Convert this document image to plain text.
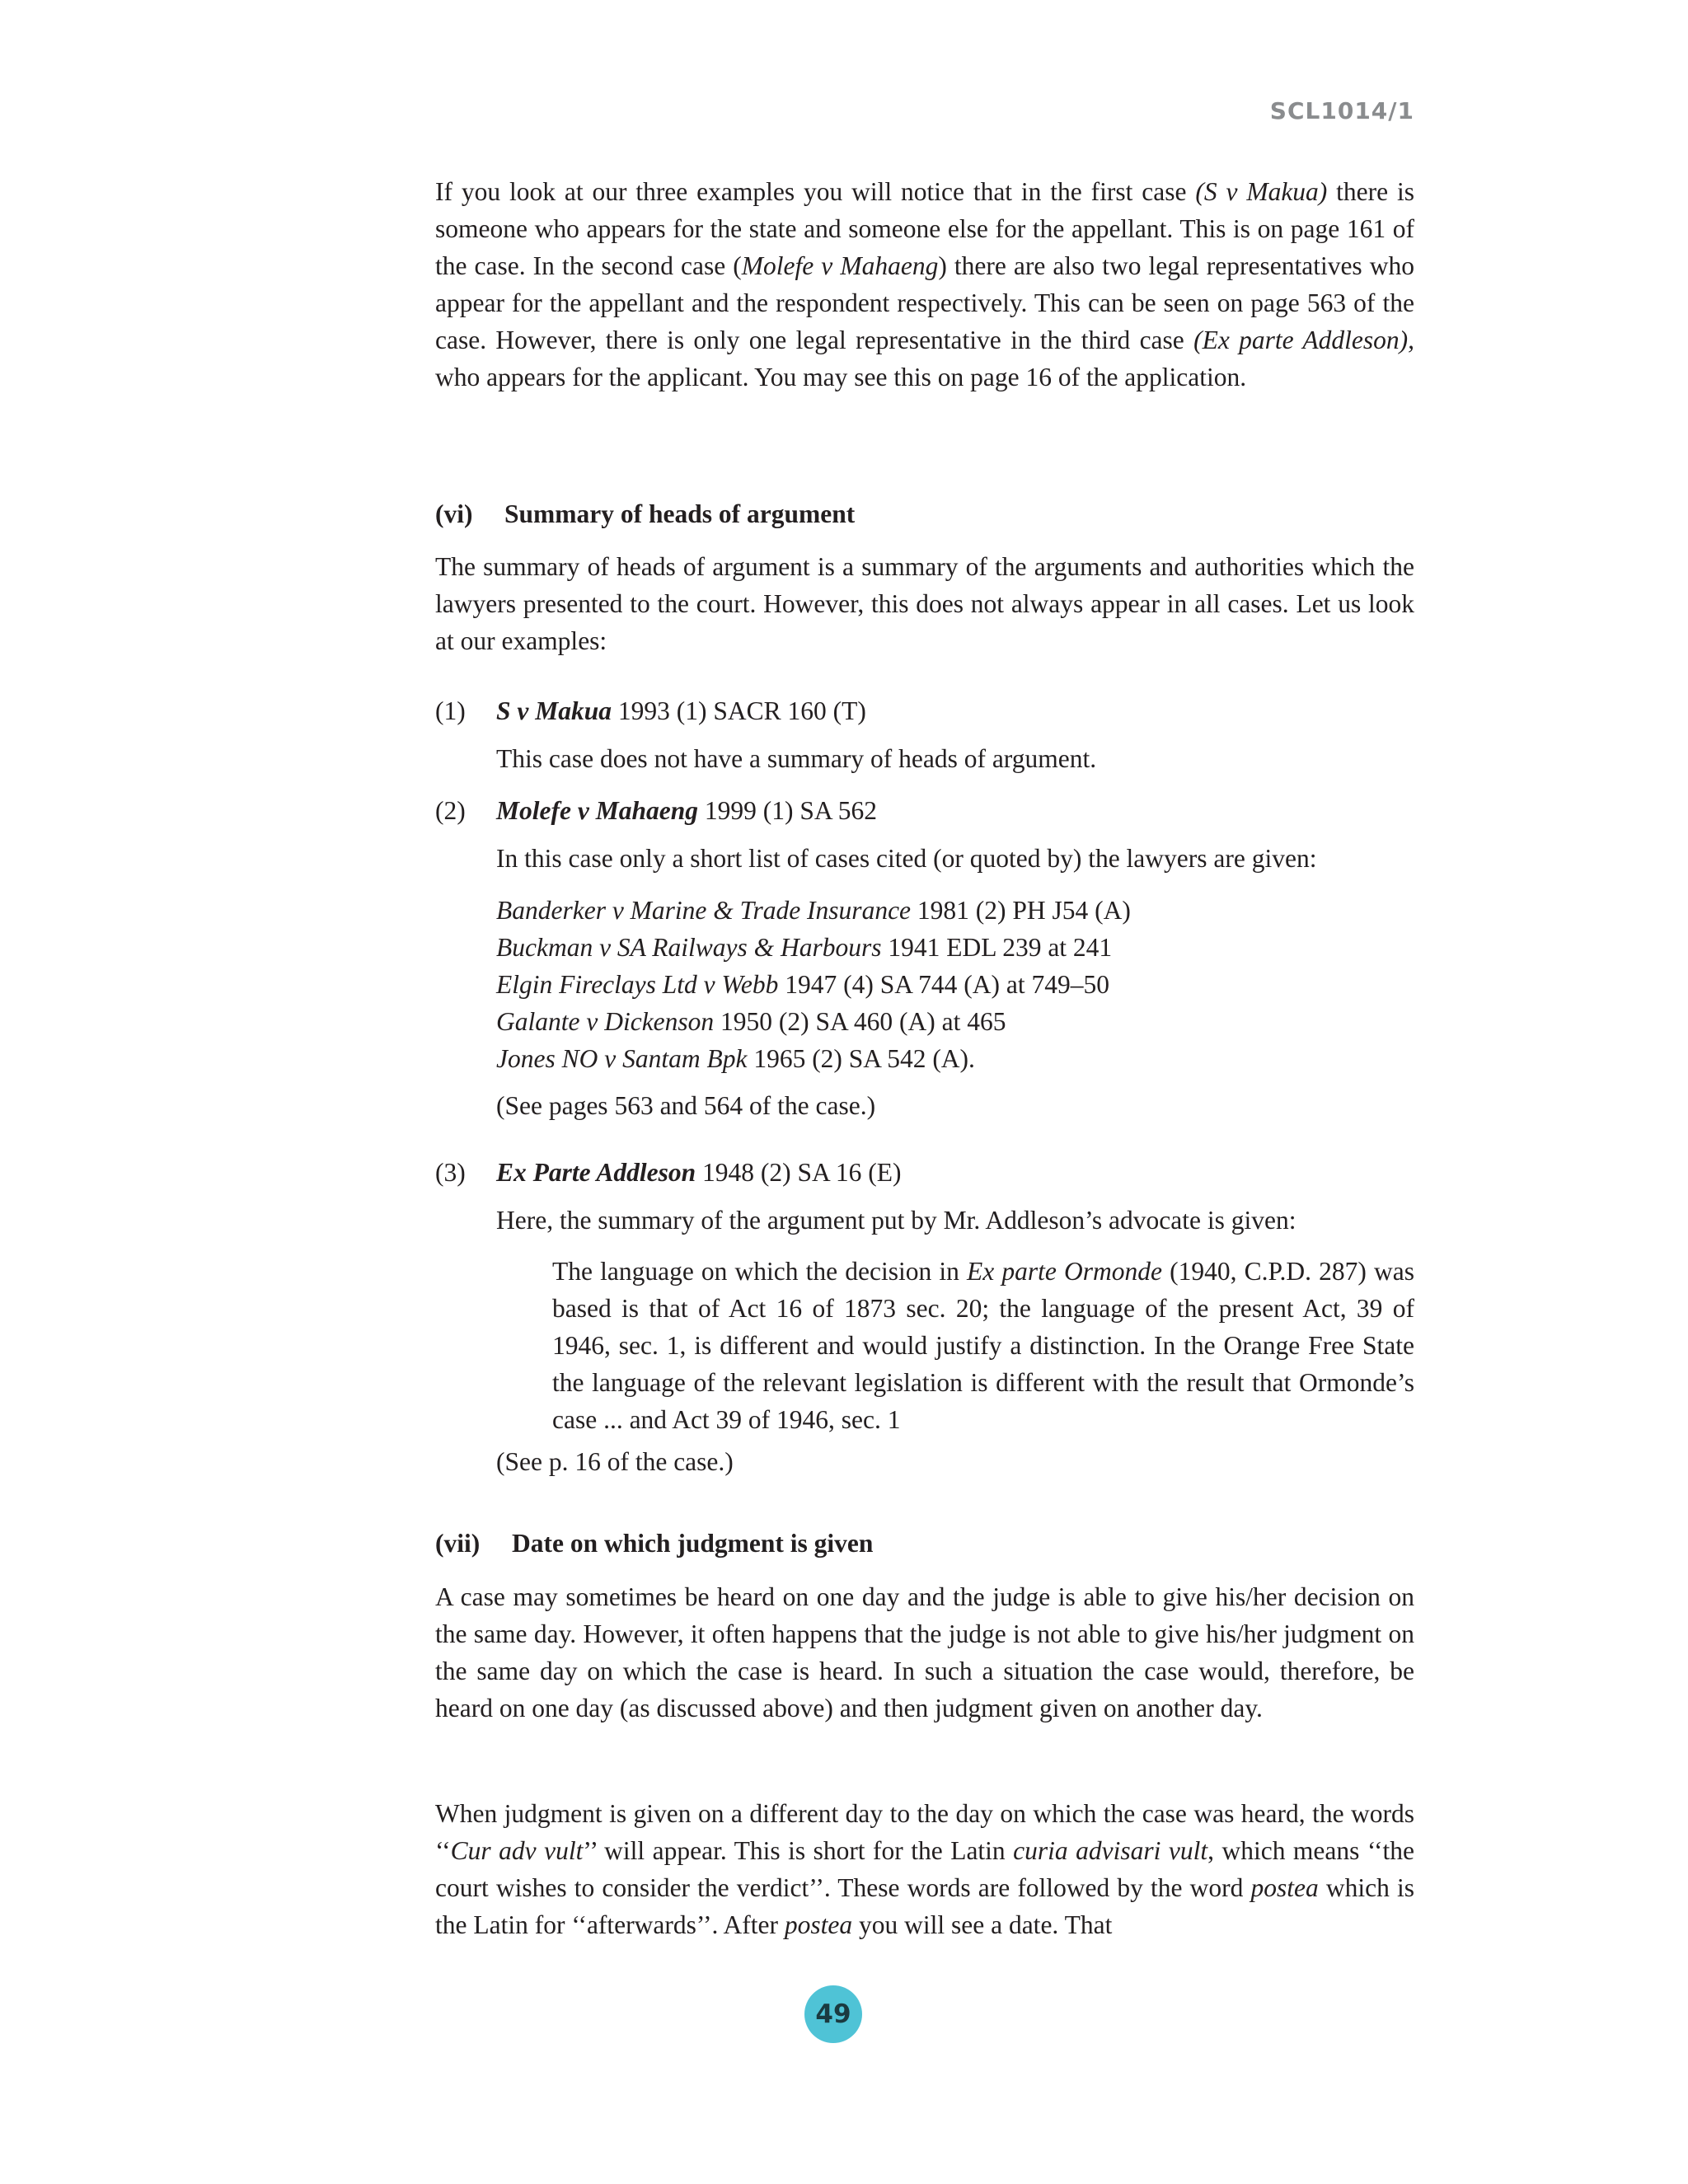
SCL1014/1

If you look at our three examples you will notice that in the first case (S v Makua) there is someone who appears for the state and someone else for the appellant. This is on page 161 of the case. In the second case (Molefe v Mahaeng) there are also two legal representatives who appear for the appellant and the respondent respectively. This can be seen on page 563 of the case. However, there is only one legal representative in the third case (Ex parte Addleson), who appears for the applicant. You may see this on page 16 of the application.

(vi) Summary of heads of argument

The summary of heads of argument is a summary of the arguments and authorities which the lawyers presented to the court. However, this does not always appear in all cases. Let us look at our examples:

(1) S v Makua 1993 (1) SACR 160 (T)
This case does not have a summary of heads of argument.
(2) Molefe v Mahaeng 1999 (1) SA 562
In this case only a short list of cases cited (or quoted by) the lawyers are given:
Banderker v Marine & Trade Insurance 1981 (2) PH J54 (A)
Buckman v SA Railways & Harbours 1941 EDL 239 at 241
Elgin Fireclays Ltd v Webb 1947 (4) SA 744 (A) at 749–50
Galante v Dickenson 1950 (2) SA 460 (A) at 465
Jones NO v Santam Bpk 1965 (2) SA 542 (A).
(See pages 563 and 564 of the case.)
(3) Ex Parte Addleson 1948 (2) SA 16 (E)
Here, the summary of the argument put by Mr. Addleson’s advocate is given:

The language on which the decision in Ex parte Ormonde (1940, C.P.D. 287) was based is that of Act 16 of 1873 sec. 20; the language of the present Act, 39 of 1946, sec. 1, is different and would justify a distinction. In the Orange Free State the language of the relevant legislation is different with the result that Ormonde’s case ... and Act 39 of 1946, sec. 1

(See p. 16 of the case.)
(vii) Date on which judgment is given

A case may sometimes be heard on one day and the judge is able to give his/her decision on the same day. However, it often happens that the judge is not able to give his/her judgment on the same day on which the case is heard. In such a situation the case would, therefore, be heard on one day (as discussed above) and then judgment given on another day.

When judgment is given on a different day to the day on which the case was heard, the words ‘‘Cur adv vult’’ will appear. This is short for the Latin curia advisari vult, which means ‘‘the court wishes to consider the verdict’’. These words are followed by the word postea which is the Latin for ‘‘afterwards’’. After postea you will see a date. That

49
